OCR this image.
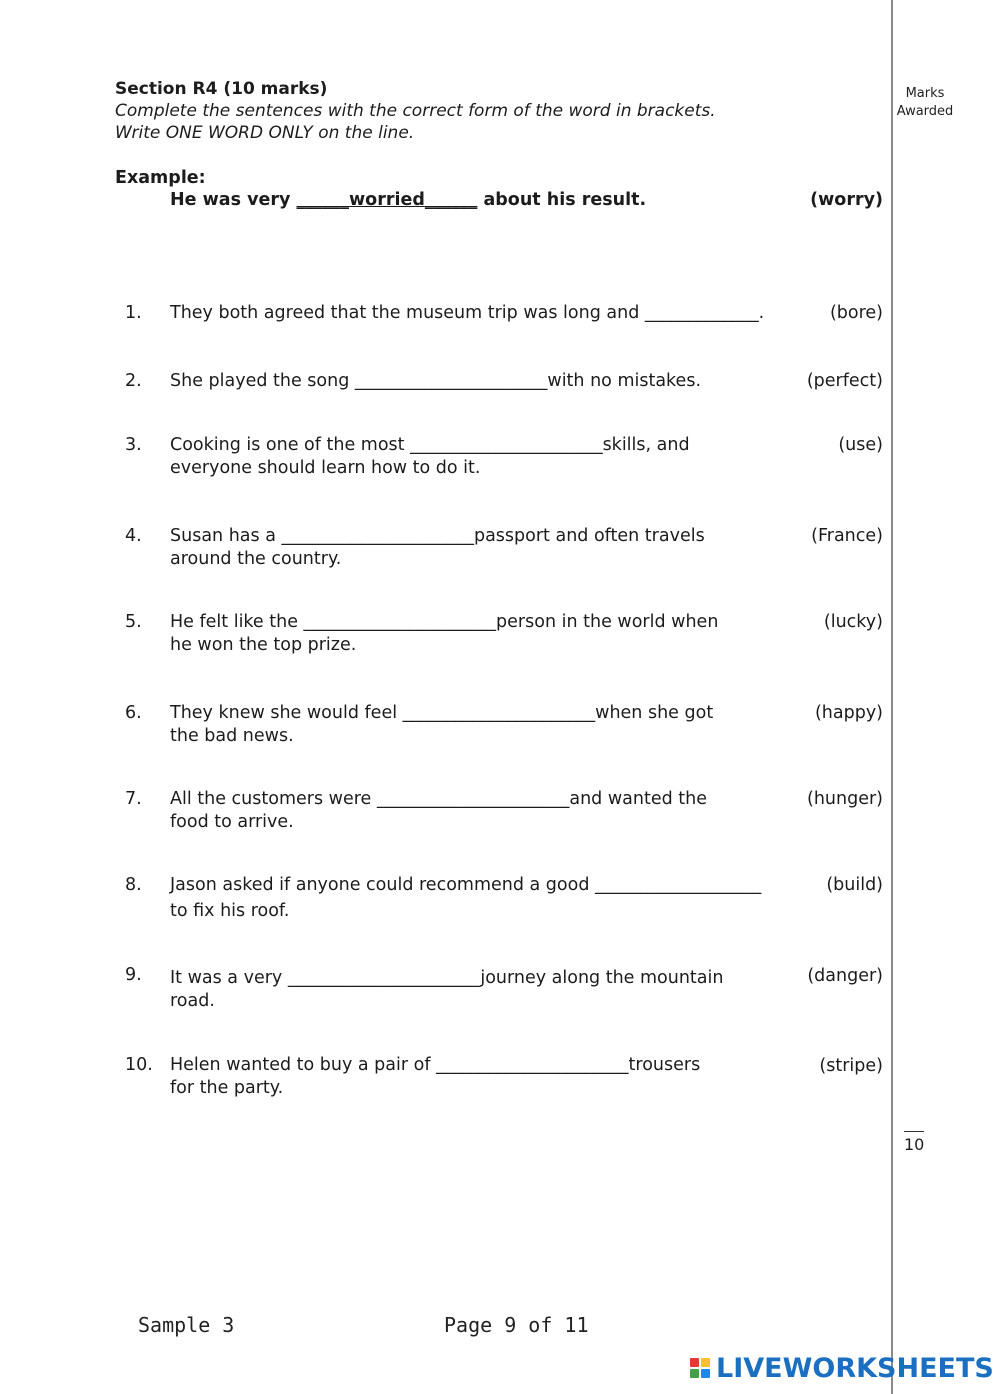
Marks
Awarded
Section R4 (10 marks)
Complete the sentences with the correct form of the word in brackets.
Write ONE WORD ONLY on the line.
Example:
He was very ______worried______ about his result.	(worry)
1. They both agreed that the museum trip was long and _____________.	(bore)
2. She played the song ______________________with no mistakes.	(perfect)
3. Cooking is one of the most ______________________skills, and
everyone should learn how to do it.
(use)
4. Susan has a ______________________passport and often travels
around the country.
(France)
5. He felt like the ______________________person in the world when
he won the top prize.
(lucky)
6. They knew she would feel ______________________when she got
the bad news.
(happy)
7. All the customers were ______________________and wanted the
food to arrive.
(hunger)
8. Jason asked if anyone could recommend a good ___________________
to fix his roof.
(build)
9. It was a very ______________________journey along the mountain
road.
(danger)
10. Helen wanted to buy a pair of ______________________trousers
for the party.
(stripe)
10
Sample 3	Page 9 of 11
LIVEWORKSHEETS
